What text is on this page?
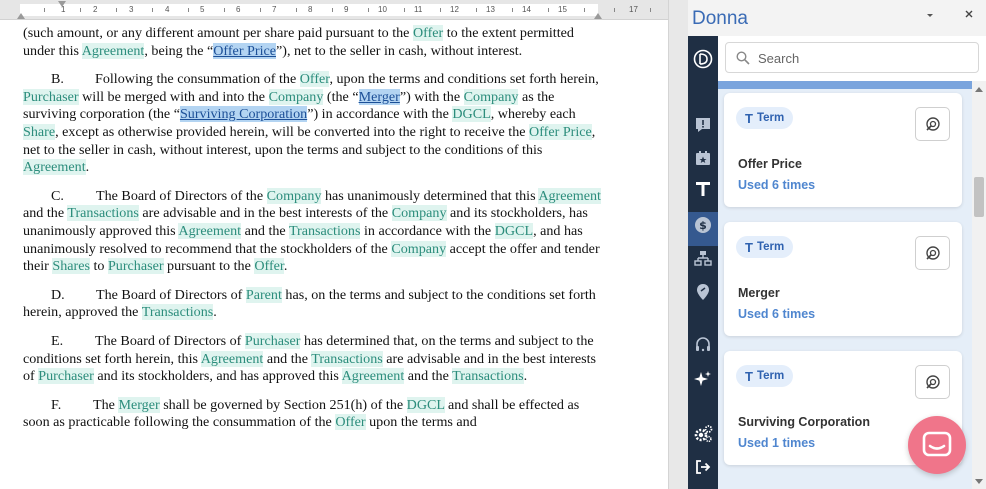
1	2	3	4	5	6	7	8	9	10	11	12	13	14	15	17

(such amount, or any different amount per share paid pursuant to the Offer to the extent permitted under this Agreement, being the “Offer Price”), net to the seller in cash, without interest.

B. Following the consummation of the Offer, upon the terms and conditions set forth herein, Purchaser will be merged with and into the Company (the “Merger”) with the Company as the surviving corporation (the “Surviving Corporation”) in accordance with the DGCL, whereby each Share, except as otherwise provided herein, will be converted into the right to receive the Offer Price, net to the seller in cash, without interest, upon the terms and subject to the conditions of this Agreement.

C. The Board of Directors of the Company has unanimously determined that this Agreement and the Transactions are advisable and in the best interests of the Company and its stockholders, has unanimously approved this Agreement and the Transactions in accordance with the DGCL, and has unanimously resolved to recommend that the stockholders of the Company accept the offer and tender their Shares to Purchaser pursuant to the Offer.

D. The Board of Directors of Parent has, on the terms and subject to the conditions set forth herein, approved the Transactions.

E. The Board of Directors of Purchaser has determined that, on the terms and subject to the conditions set forth herein, this Agreement and the Transactions are advisable and in the best interests of Purchaser and its stockholders, and has approved this Agreement and the Transactions.

F. The Merger shall be governed by Section 251(h) of the DGCL and shall be effected as soon as practicable following the consummation of the Offer upon the terms and

Donna
$
Search
T Term
Offer Price
Used 6 times
T Term
Merger
Used 6 times
T Term
Surviving Corporation
Used 1 times
